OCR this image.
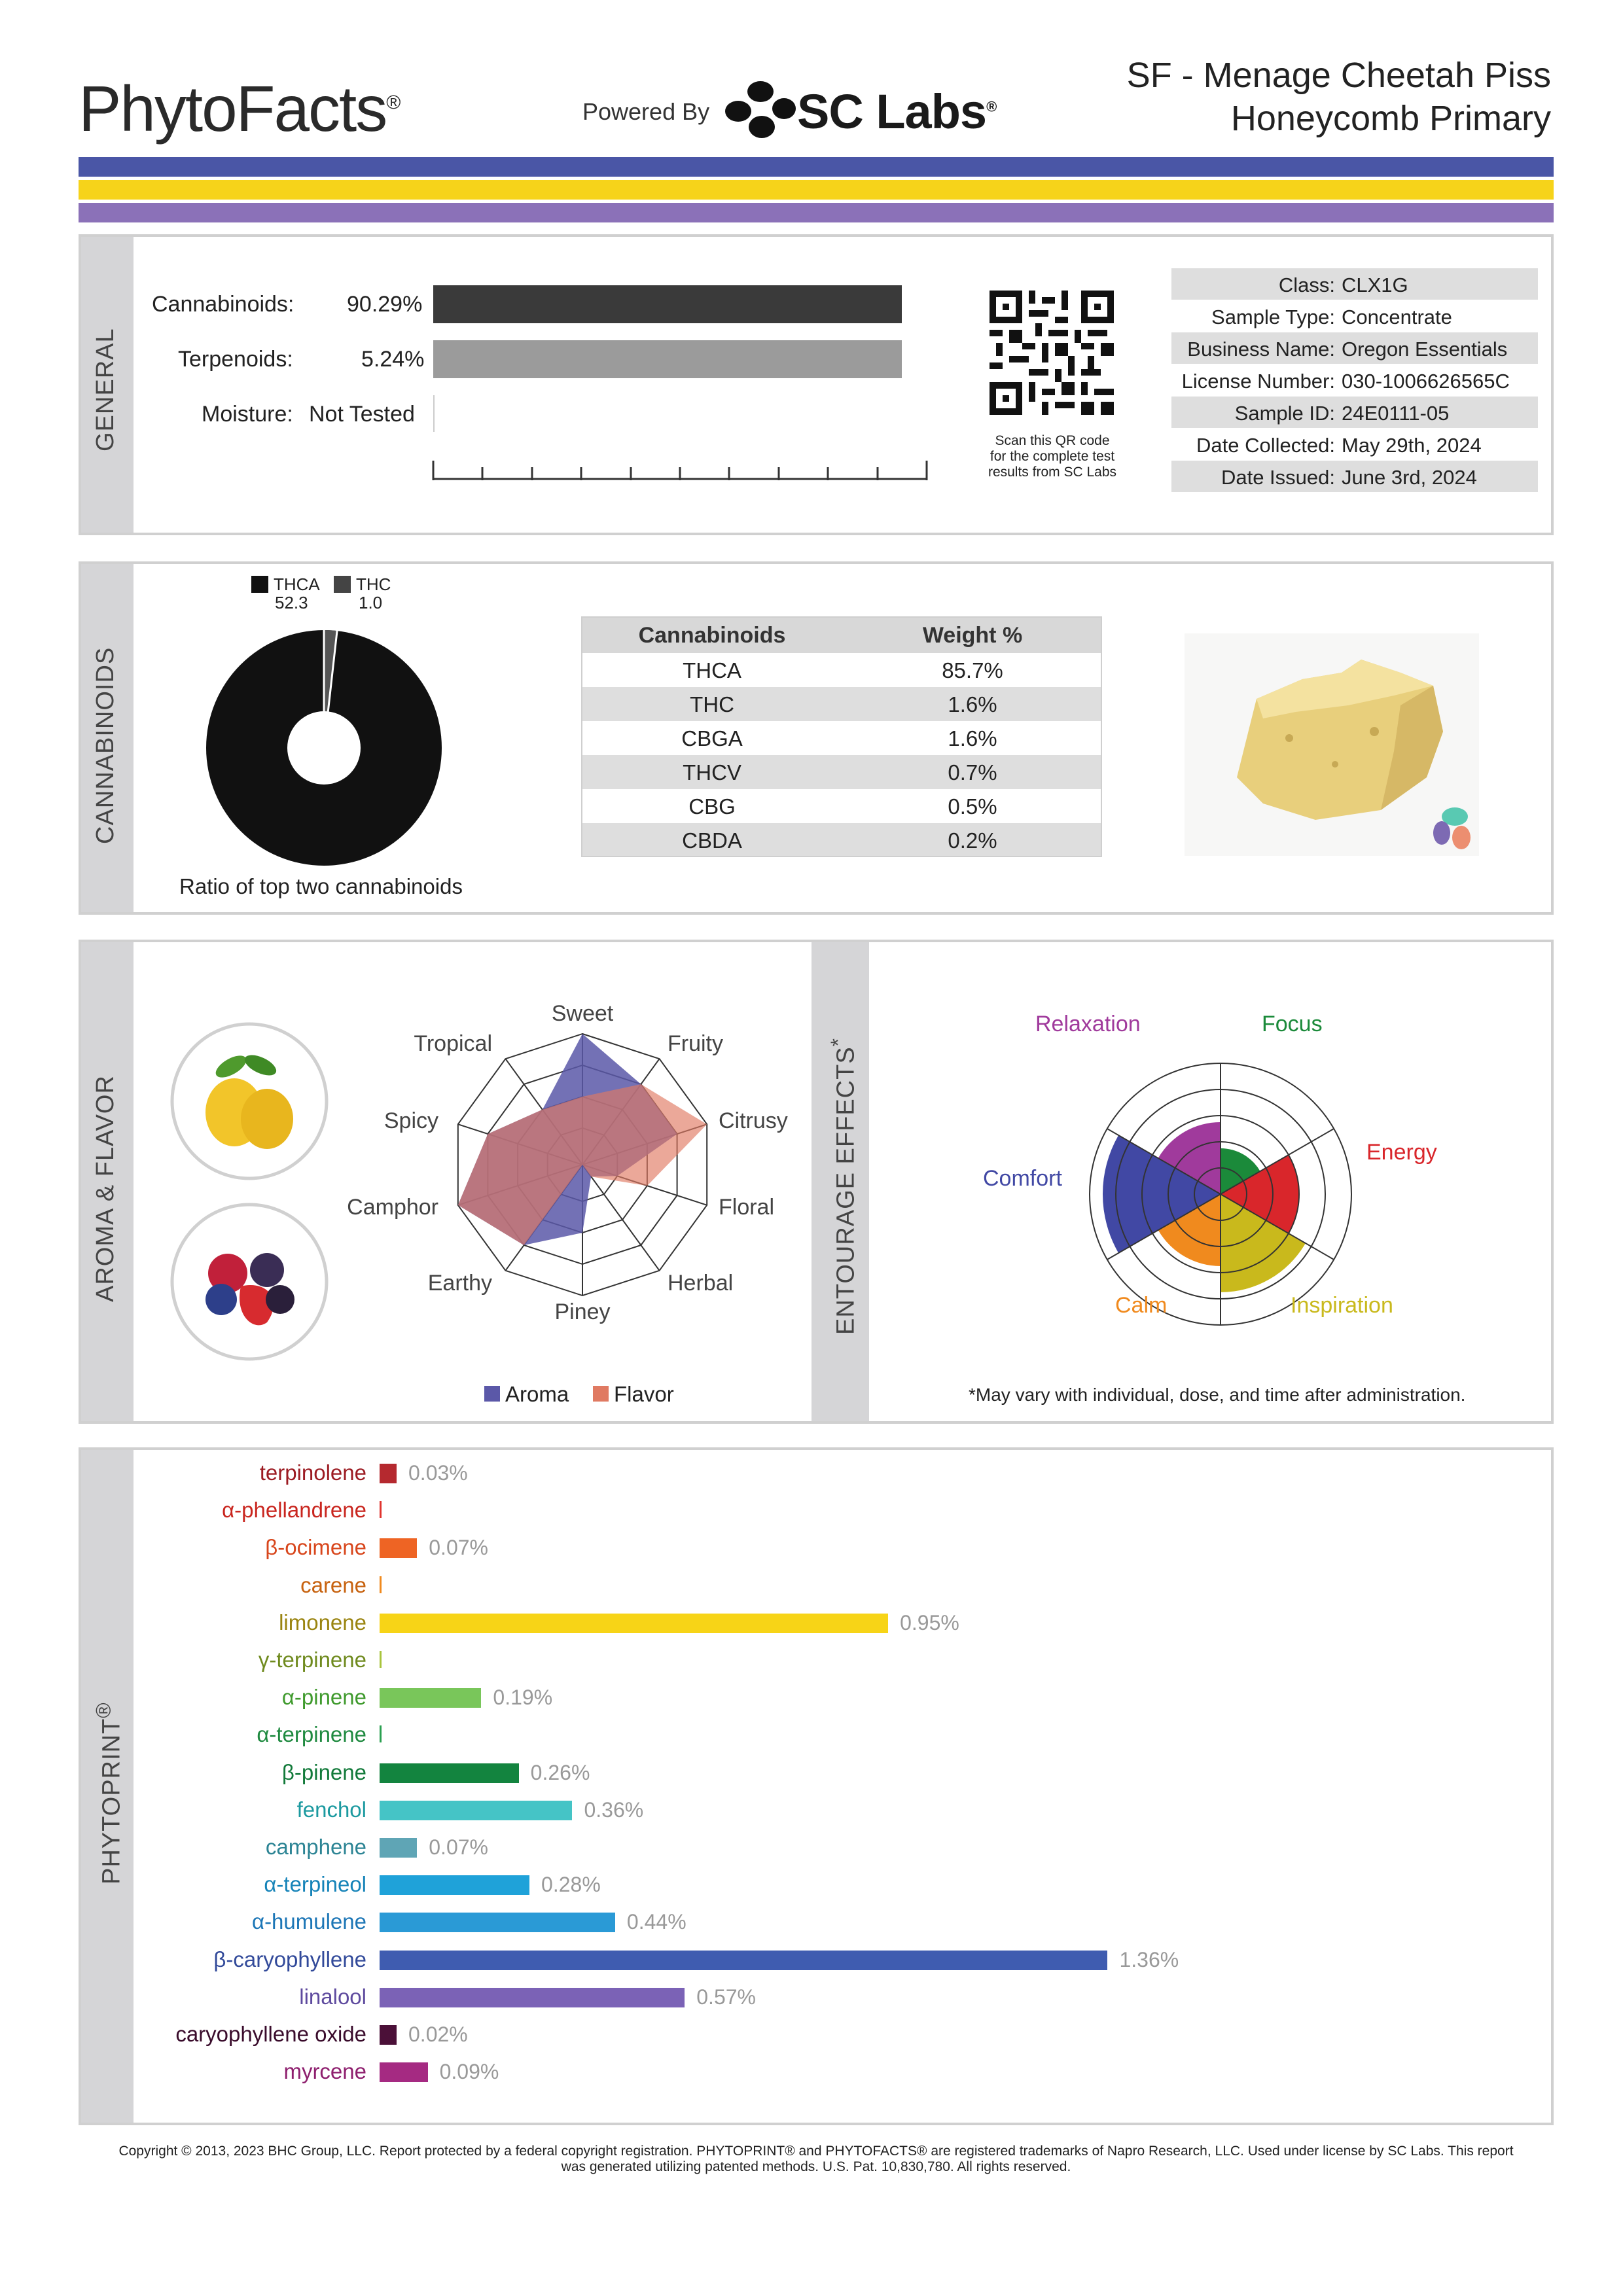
PhytoFacts®	Powered By SC Labs®
SF - Menage Cheetah Piss
Honeycomb Primary
GENERAL
Cannabinoids: 90.29%
Terpenoids:	5.24%
Moisture: Not Tested
Scan this QR code
for the complete test
results from SC Labs
Class: CLX1G
Sample Type: Concentrate
Business Name: Oregon Essentials
License Number: 030-1006626565C
Sample ID: 24E0111-05
Date Collected: May 29th, 2024
Date Issued: June 3rd, 2024
CANNABINOIDS
THCA
52.3
THC
1.0
Ratio of top two cannabinoids
Cannabinoids	Weight %
THCA	85.7%
THC	1.6%
CBGA	1.6%
THCV	0.7%
CBG	0.5%
CBDA	0.2%
AROMA & FLAVOR	ENTOURAGE EFFECTS*
Sweet
Fruity
Citrusy
Floral
Herbal
Piney
Earthy
Camphor
Spicy
Tropical
Aroma Flavor
Relaxation	Focus
Energy
Inspiration
Calm
Comfort
*May vary with individual, dose, and time after administration.
PHYTOPRINT®
terpinolene 0.03%
α-phellandrene
β-ocimene	0.07%
carene
limonene	0.95%
γ-terpinene
α-pinene	0.19%
α-terpinene
β-pinene	0.26%
fenchol	0.36%
camphene	0.07%
α-terpineol	0.28%
α-humulene	0.44%
β-caryophyllene	1.36%
linalool	0.57%
caryophyllene oxide 0.02%
myrcene	0.09%
Copyright © 2013, 2023 BHC Group, LLC. Report protected by a federal copyright registration. PHYTOPRINT® and PHYTOFACTS® are registered trademarks of Napro Research, LLC. Used under license by SC Labs. This report
was generated utilizing patented methods. U.S. Pat. 10,830,780. All rights reserved.
